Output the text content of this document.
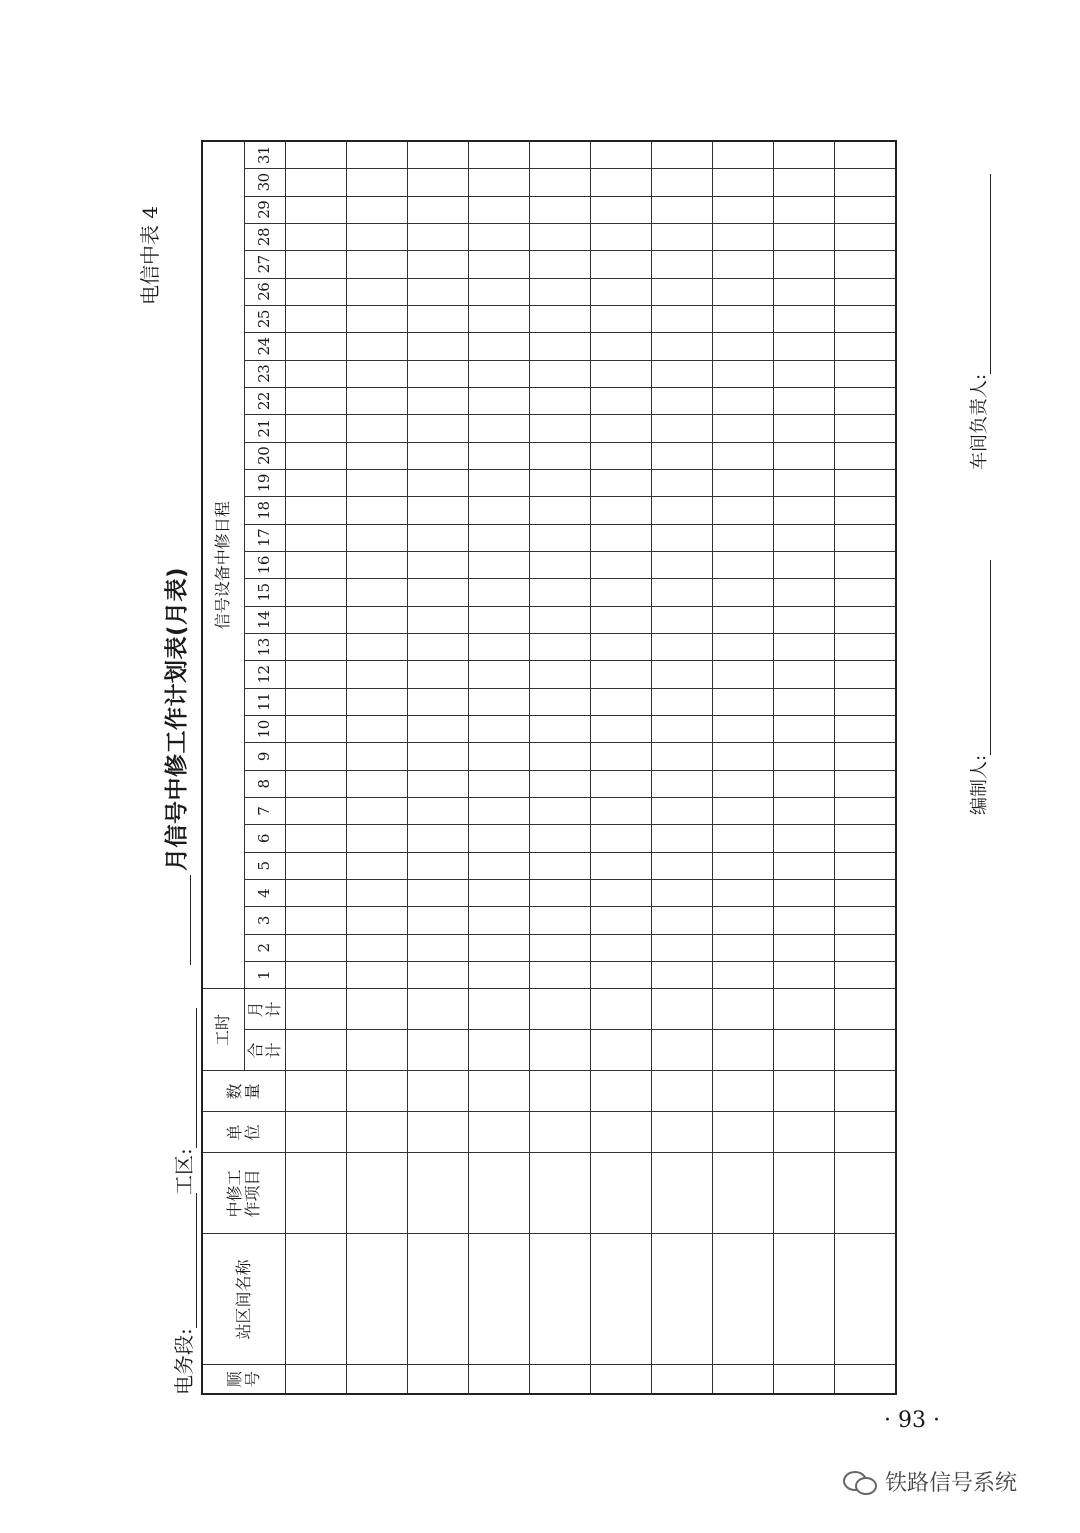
月信号中修工作计划表(月表)
电信中表 4
电务段:
工区:
顺号	站区间名称	中修工作项目	单位	数量	工时		信号设备中修日程																														
					合计	月计	1	2	3	4	5	6	7	8	9	10	11	12	13	14	15	16	17	18	19	20	21	22	23	24	25	26	27	28	29	30	31

编制人:
车间负责人:
· 93 ·
铁路信号系统
